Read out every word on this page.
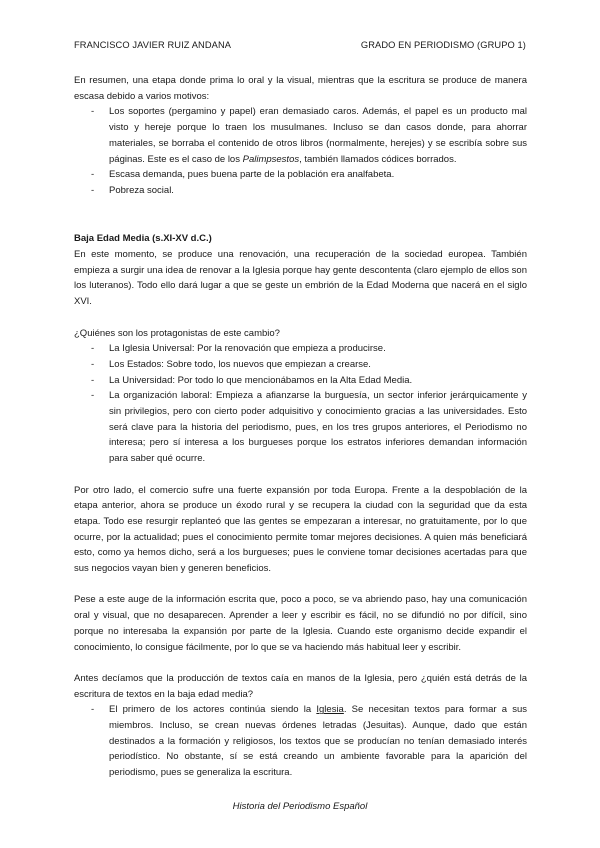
FRANCISCO JAVIER RUIZ ANDANA	GRADO EN PERIODISMO (GRUPO 1)

En resumen, una etapa donde prima lo oral y la visual, mientras que la escritura se produce de manera escasa debido a varios motivos:

- Los soportes (pergamino y papel) eran demasiado caros. Además, el papel es un producto mal visto y hereje porque lo traen los musulmanes. Incluso se dan casos donde, para ahorrar materiales, se borraba el contenido de otros libros (normalmente, herejes) y se escribía sobre sus páginas. Este es el caso de los Palimpsestos, también llamados códices borrados.
- Escasa demanda, pues buena parte de la población era analfabeta.
- Pobreza social.

Baja Edad Media (s.XI-XV d.C.)

En este momento, se produce una renovación, una recuperación de la sociedad europea. También empieza a surgir una idea de renovar a la Iglesia porque hay gente descontenta (claro ejemplo de ellos son los luteranos). Todo ello dará lugar a que se geste un embrión de la Edad Moderna que nacerá en el siglo XVI.

¿Quiénes son los protagonistas de este cambio?

- La Iglesia Universal: Por la renovación que empieza a producirse.
- Los Estados: Sobre todo, los nuevos que empiezan a crearse.
- La Universidad: Por todo lo que mencionábamos en la Alta Edad Media.
- La organización laboral: Empieza a afianzarse la burguesía, un sector inferior jerárquicamente y sin privilegios, pero con cierto poder adquisitivo y conocimiento gracias a las universidades. Esto será clave para la historia del periodismo, pues, en los tres grupos anteriores, el Periodismo no interesa; pero sí interesa a los burgueses porque los estratos inferiores demandan información para saber qué ocurre.

Por otro lado, el comercio sufre una fuerte expansión por toda Europa. Frente a la despoblación de la etapa anterior, ahora se produce un éxodo rural y se recupera la ciudad con la seguridad que da esta etapa. Todo ese resurgir replanteó que las gentes se empezaran a interesar, no gratuitamente, por lo que ocurre, por la actualidad; pues el conocimiento permite tomar mejores decisiones. A quien más beneficiará esto, como ya hemos dicho, será a los burgueses; pues le conviene tomar decisiones acertadas para que sus negocios vayan bien y generen beneficios.

Pese a este auge de la información escrita que, poco a poco, se va abriendo paso, hay una comunicación oral y visual, que no desaparecen. Aprender a leer y escribir es fácil, no se difundió no por difícil, sino porque no interesaba la expansión por parte de la Iglesia. Cuando este organismo decide expandir el conocimiento, lo consigue fácilmente, por lo que se va haciendo más habitual leer y escribir.

Antes decíamos que la producción de textos caía en manos de la Iglesia, pero ¿quién está detrás de la escritura de textos en la baja edad media?

- El primero de los actores continúa siendo la Iglesia. Se necesitan textos para formar a sus miembros. Incluso, se crean nuevas órdenes letradas (Jesuitas). Aunque, dado que están destinados a la formación y religiosos, los textos que se producían no tenían demasiado interés periodístico. No obstante, sí se está creando un ambiente favorable para la aparición del periodismo, pues se generaliza la escritura.
Historia del Periodismo Español
